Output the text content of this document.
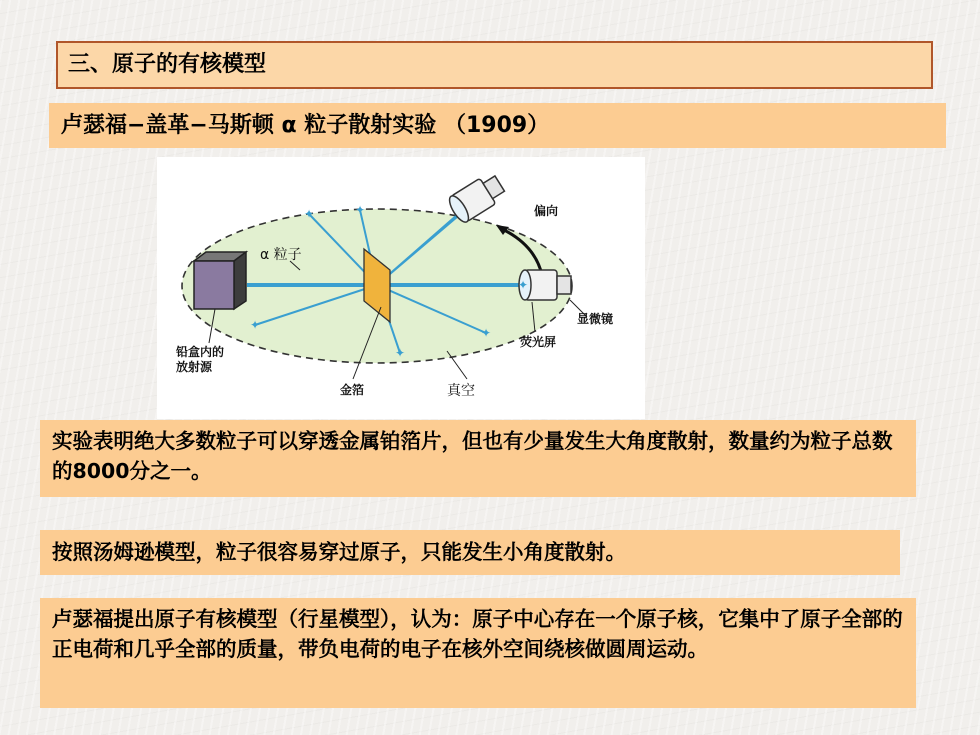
三、原子的有核模型
卢瑟福−盖革−马斯顿 α 粒子散射实验 （1909）
✦	✦
✦
✦
✦
✦
偏向
α 粒子
显微镜
荧光屏
铅盒内的
放射源
金箔	真空
实验表明绝大多数粒子可以穿透金属铂箔片，但也有少量发生大角度散射，数量约为粒子总数的8000分之一。
按照汤姆逊模型，粒子很容易穿过原子，只能发生小角度散射。
卢瑟福提出原子有核模型（行星模型），认为：原子中心存在一个原子核，它集中了原子全部的正电荷和几乎全部的质量，带负电荷的电子在核外空间绕核做圆周运动。
